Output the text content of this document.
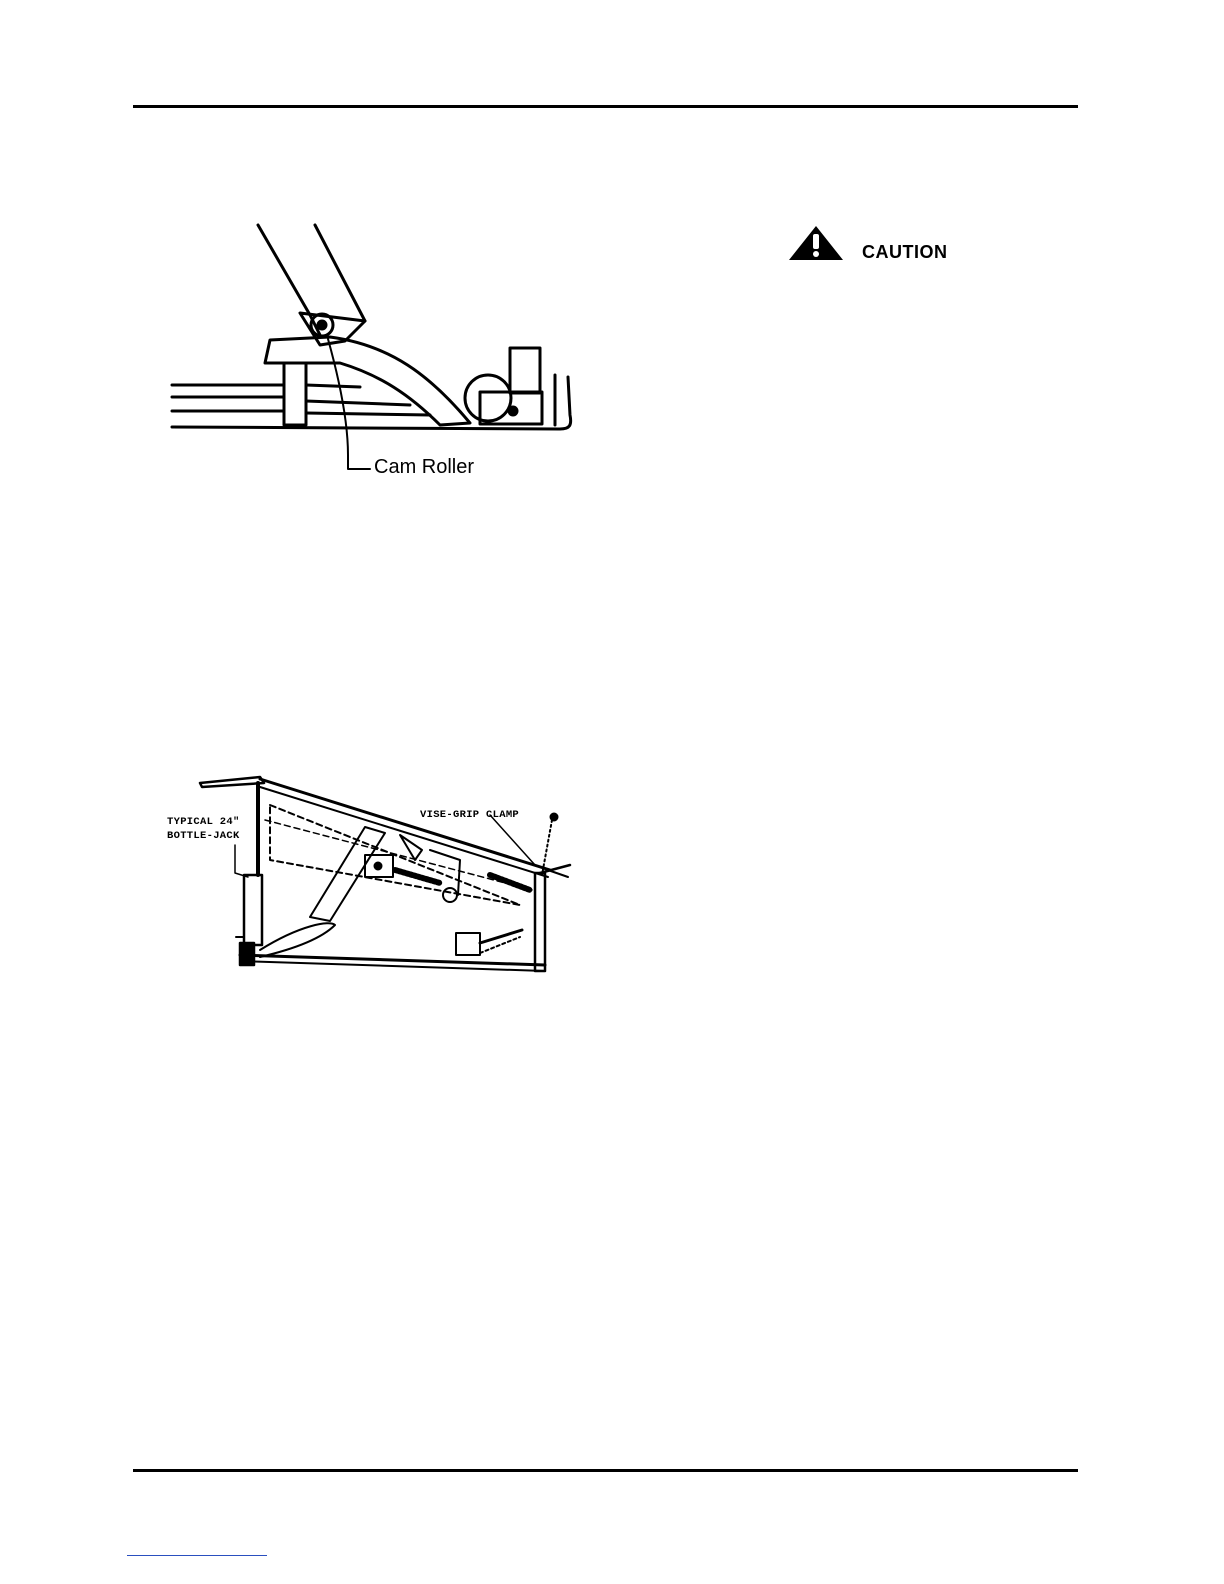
Cam Roller
TYPICAL 24"
BOTTLE-JACK
VISE-GRIP CLAMP
CAUTION
